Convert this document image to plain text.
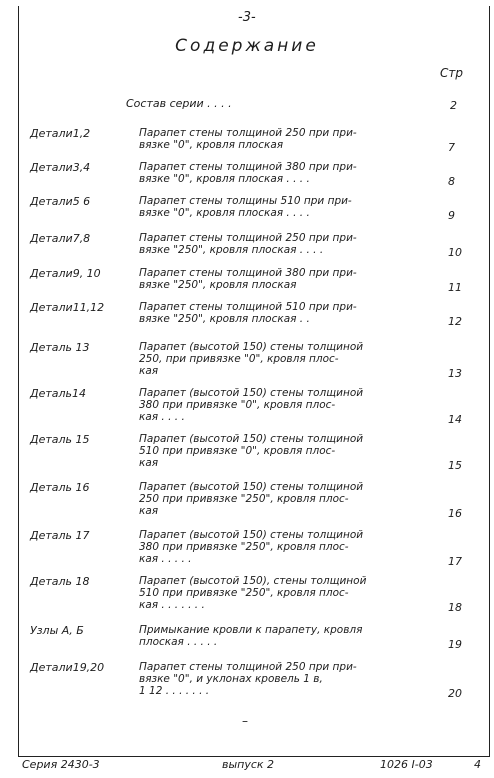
-3-
Содержание
Стр
Состав серии . . . .	2
Детали1,2	Парапет стены толщиной 250 при при-
вязке "0", кровля плоская	7
Детали3,4	Парапет стены толщиной 380 при при-
вязке "0", кровля плоская . . . .	8
Детали5 6	Парапет стены толщины 510 при при-
вязке "0", кровля плоская . . . .	9
Детали7,8	Парапет стены толщиной 250 при при-
вязке "250", кровля плоская . . . .	10
Детали9, 10	Парапет стены толщиной 380 при при-
вязке "250", кровля плоская	11
Детали11,12	Парапет стены толщиной 510 при при-
вязке "250", кровля плоская . .	12
Деталь 13	Парапет (высотой 150) стены толщиной
250, при привязке "0", кровля плос-
кая	13
Деталь14	Парапет (высотой 150) стены толщиной
380 при привязке "0", кровля плос-
кая . . . .	14
Деталь 15	Парапет (высотой 150) стены толщиной
510 при привязке "0", кровля плос-
кая	15
Деталь 16	Парапет (высотой 150) стены толщиной
250 при привязке "250", кровля плос-
кая	16
Деталь 17	Парапет (высотой 150) стены толщиной
380 при привязке "250", кровля плос-
кая . . . . .	17
Деталь 18	Парапет (высотой 150), стены толщиной
510 при привязке "250", кровля плос-
кая . . . . . . .	18
Узлы А, Б	Примыкание кровли к парапету, кровля
плоская . . . . .	19
Детали19,20	Парапет стены толщиной 250 при при-
вязке "0", и уклонах кровель 1 в,
1 12 . . . . . . .	20
–
Серия 2430-3	выпуск 2	1026 I-03	4
